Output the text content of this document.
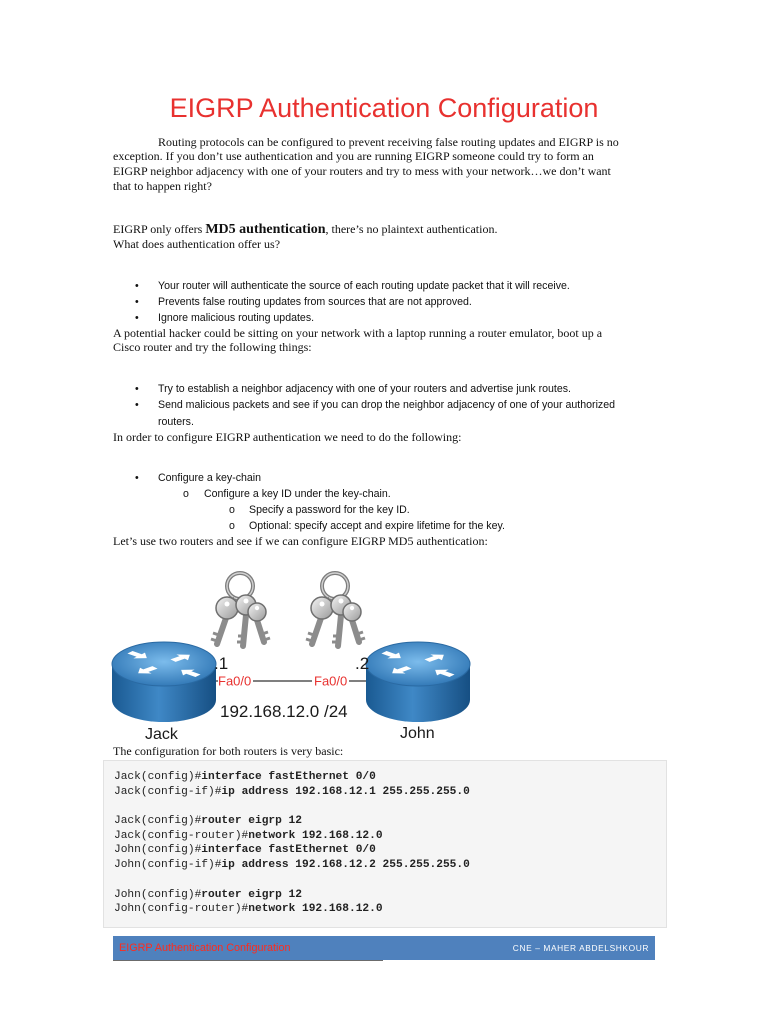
EIGRP Authentication Configuration
Routing protocols can be configured to prevent receiving false routing updates and EIGRP is no
exception. If you don’t use authentication and you are running EIGRP someone could try to form an
EIGRP neighbor adjacency with one of your routers and try to mess with your network…we don’t want
that to happen right?
EIGRP only offers MD5 authentication, there’s no plaintext authentication.
What does authentication offer us?
• Your router will authenticate the source of each routing update packet that it will receive.
• Prevents false routing updates from sources that are not approved.
• Ignore malicious routing updates.
A potential hacker could be sitting on your network with a laptop running a router emulator, boot up a
Cisco router and try the following things:
• Try to establish a neighbor adjacency with one of your routers and advertise junk routes.
• Send malicious packets and see if you can drop the neighbor adjacency of one of your authorized
routers.
In order to configure EIGRP authentication we need to do the following:
• Configure a key-chain
o Configure a key ID under the key-chain.
o Specify a password for the key ID.
o Optional: specify accept and expire lifetime for the key.
Let’s use two routers and see if we can configure EIGRP MD5 authentication:
.1	.2
Fa0/0	Fa0/0
192.168.12.0 /24
Jack	John
The configuration for both routers is very basic:
Jack(config)#interface fastEthernet 0/0
Jack(config-if)#ip address 192.168.12.1 255.255.255.0
Jack(config)#router eigrp 12
Jack(config-router)#network 192.168.12.0
John(config)#interface fastEthernet 0/0
John(config-if)#ip address 192.168.12.2 255.255.255.0
John(config)#router eigrp 12
John(config-router)#network 192.168.12.0
EIGRP Authentication Configuration	CNE – MAHER ABDELSHKOUR
